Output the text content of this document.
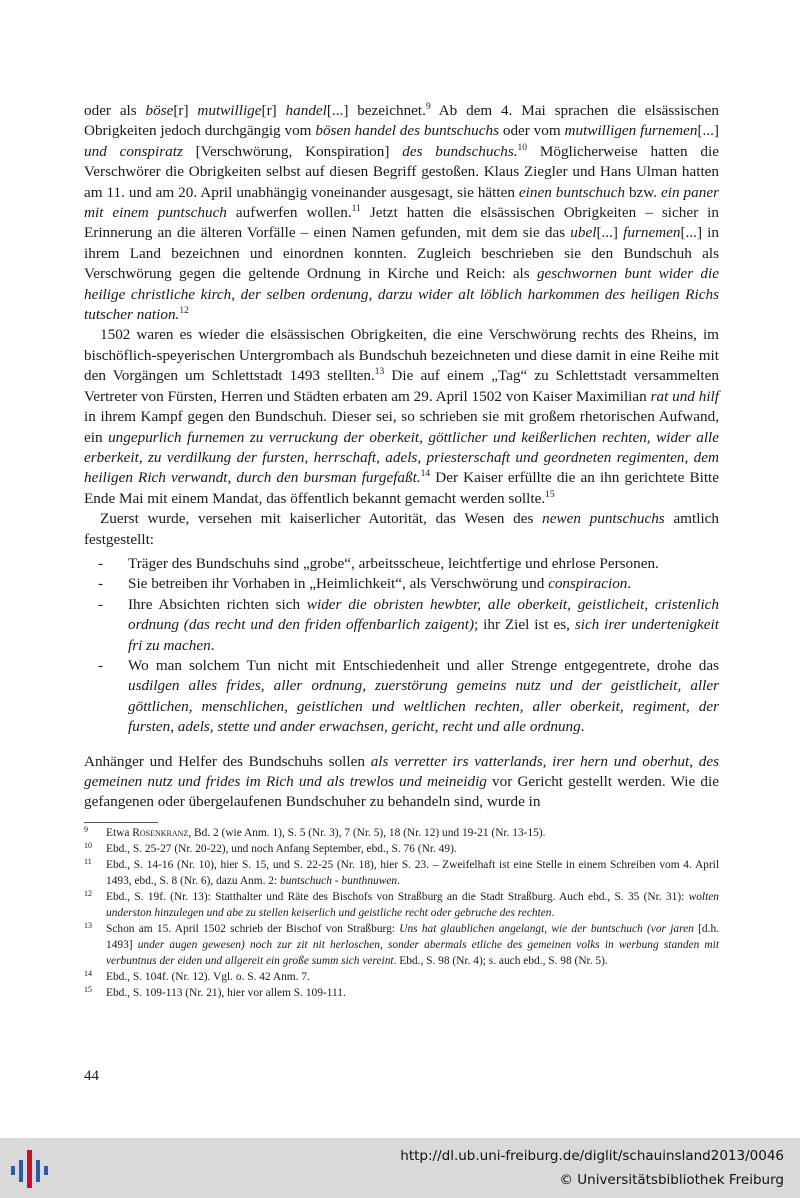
oder als böse[r] mutwillige[r] handel[...] bezeichnet.$^9$ Ab dem 4. Mai sprachen die elsässischen Obrigkeiten jedoch durchgängig vom bösen handel des buntschuchs oder vom mutwilligen furnemen[...] und conspiratz [Verschwörung, Konspiration] des bundschuchs.$^{10}$ Möglicherweise hatten die Verschwörer die Obrigkeiten selbst auf diesen Begriff gestoßen. Klaus Ziegler und Hans Ulman hatten am 11. und am 20. April unabhängig voneinander ausgesagt, sie hätten einen buntschuch bzw. ein paner mit einem puntschuch aufwerfen wollen.$^{11}$ Jetzt hatten die elsässischen Obrigkeiten – sicher in Erinnerung an die älteren Vorfälle – einen Namen gefunden, mit dem sie das ubel[...] furnemen[...] in ihrem Land bezeichnen und einordnen konnten. Zugleich beschrieben sie den Bundschuh als Verschwörung gegen die geltende Ordnung in Kirche und Reich: als geschwornen bunt wider die heilige christliche kirch, der selben ordenung, darzu wider alt löblich harkommen des heiligen Richs tutscher nation.$^{12}$

1502 waren es wieder die elsässischen Obrigkeiten, die eine Verschwörung rechts des Rheins, im bischöflich-speyerischen Untergrombach als Bundschuh bezeichneten und diese damit in eine Reihe mit den Vorgängen um Schlettstadt 1493 stellten.$^{13}$ Die auf einem „Tag“ zu Schlettstadt versammelten Vertreter von Fürsten, Herren und Städten erbaten am 29. April 1502 von Kaiser Maximilian rat und hilf in ihrem Kampf gegen den Bundschuh. Dieser sei, so schrieben sie mit großem rhetorischen Aufwand, ein ungepurlich furnemen zu verruckung der oberkeit, göttlicher und keißerlichen rechten, wider alle erberkeit, zu verdilkung der fursten, herrschaft, adels, priesterschaft und geordneten regimenten, dem heiligen Rich verwandt, durch den bursman furgefaßt.$^{14}$ Der Kaiser erfüllte die an ihn gerichtete Bitte Ende Mai mit einem Mandat, das öffentlich bekannt gemacht werden sollte.$^{15}$

Zuerst wurde, versehen mit kaiserlicher Autorität, das Wesen des newen puntschuchs amtlich festgestellt:

- Träger des Bundschuhs sind „grobe“, arbeitsscheue, leichtfertige und ehrlose Personen.
- Sie betreiben ihr Vorhaben in „Heimlichkeit“, als Verschwörung und conspiracion.
- Ihre Absichten richten sich wider die obristen hewbter, alle oberkeit, geistlicheit, cristenlich ordnung (das recht und den friden offenbarlich zaigent); ihr Ziel ist es, sich irer undertenigkeit fri zu machen.
- Wo man solchem Tun nicht mit Entschiedenheit und aller Strenge entgegentrete, drohe das usdilgen alles frides, aller ordnung, zuerstörung gemeins nutz und der geistlicheit, aller göttlichen, menschlichen, geistlichen und weltlichen rechten, aller oberkeit, regiment, der fursten, adels, stette und ander erwachsen, gericht, recht und alle ordnung.

Anhänger und Helfer des Bundschuhs sollen als verretter irs vatterlands, irer hern und oberhut, des gemeinen nutz und frides im Rich und als trewlos und meineidig vor Gericht gestellt werden. Wie die gefangenen oder übergelaufenen Bundschuher zu behandeln sind, wurde in

9 Etwa Rosenkranz, Bd. 2 (wie Anm. 1), S. 5 (Nr. 3), 7 (Nr. 5), 18 (Nr. 12) und 19-21 (Nr. 13-15).
10 Ebd., S. 25-27 (Nr. 20-22), und noch Anfang September, ebd., S. 76 (Nr. 49).
11 Ebd., S. 14-16 (Nr. 10), hier S. 15, und S. 22-25 (Nr. 18), hier S. 23. – Zweifelhaft ist eine Stelle in einem Schreiben vom 4. April 1493, ebd., S. 8 (Nr. 6), dazu Anm. 2: buntschuch - bunthnuwen.
12 Ebd., S. 19f. (Nr. 13): Statthalter und Räte des Bischofs von Straßburg an die Stadt Straßburg. Auch ebd., S. 35 (Nr. 31): wolten underston hinzulegen und abe zu stellen keiserlich und geistliche recht oder gebruche des rechten.
13 Schon am 15. April 1502 schrieb der Bischof von Straßburg: Uns hat glaublichen angelangt, wie der buntschuch (vor jaren [d.h. 1493] under augen gewesen) noch zur zit nit herloschen, sonder abermals etliche des gemeinen volks in werbung standen mit verbuntnus der eiden und allgereit ein große summ sich vereint. Ebd., S. 98 (Nr. 4); s. auch ebd., S. 98 (Nr. 5).
14 Ebd., S. 104f. (Nr. 12). Vgl. o. S. 42 Anm. 7.
15 Ebd., S. 109-113 (Nr. 21), hier vor allem S. 109-111.
44
http://dl.ub.uni-freiburg.de/diglit/schauinsland2013/0046
© Universitätsbibliothek Freiburg
